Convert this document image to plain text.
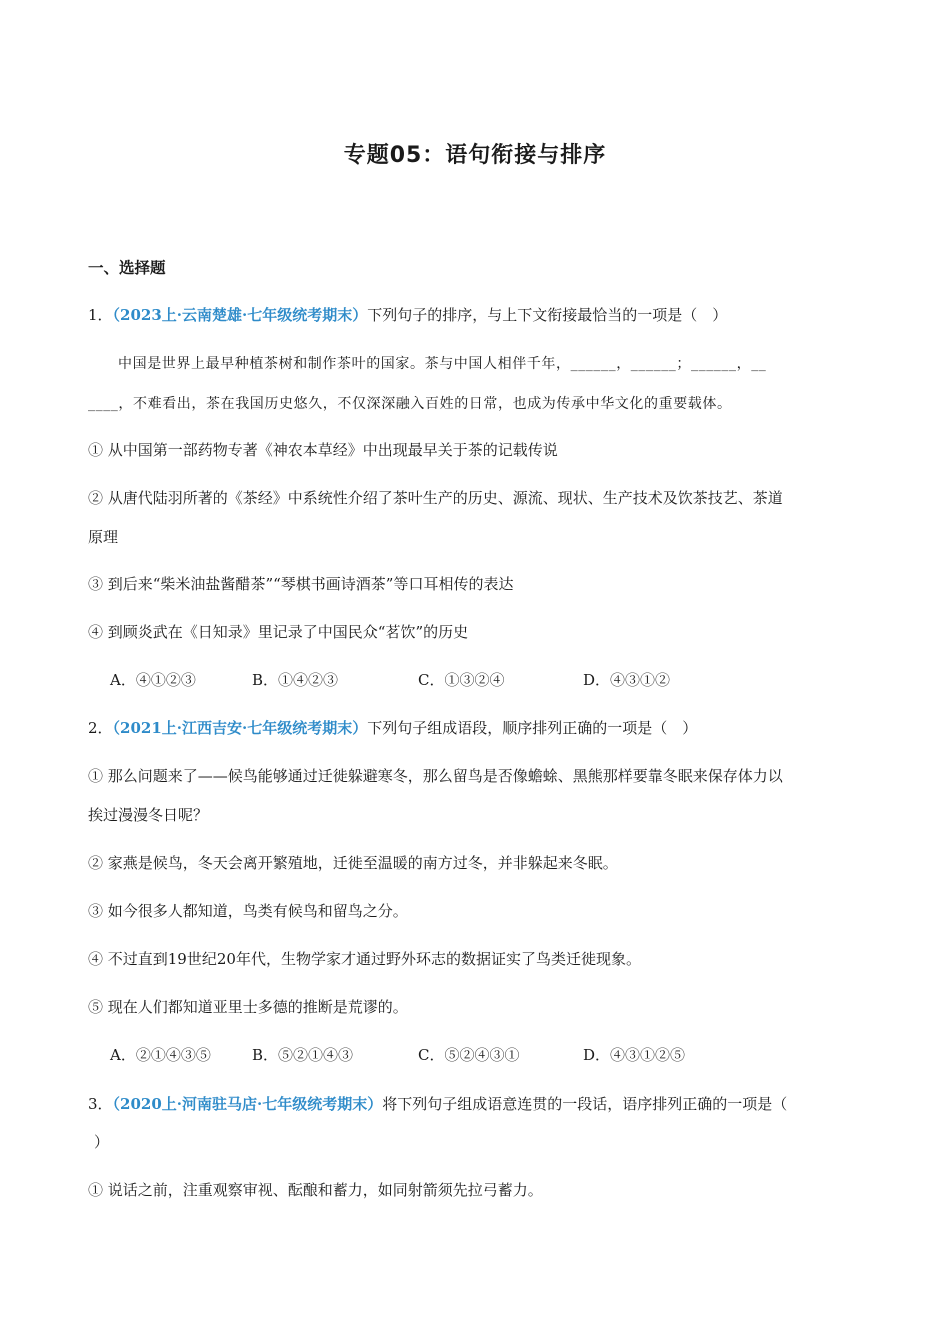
专题05：语句衔接与排序
一、选择题
1．（2023上·云南楚雄·七年级统考期末）下列句子的排序，与上下文衔接最恰当的一项是（　）
中国是世界上最早种植茶树和制作茶叶的国家。茶与中国人相伴千年，______，______；______，__
____，不难看出，茶在我国历史悠久，不仅深深融入百姓的日常，也成为传承中华文化的重要载体。
① 从中国第一部药物专著《神农本草经》中出现最早关于茶的记载传说
② 从唐代陆羽所著的《茶经》中系统性介绍了茶叶生产的历史、源流、现状、生产技术及饮茶技艺、茶道
原理
③ 到后来“柴米油盐酱醋茶”“琴棋书画诗酒茶”等口耳相传的表达
④ 到顾炎武在《日知录》里记录了中国民众“茗饮”的历史
A．④①②③	B．①④②③	C．①③②④	D．④③①②
2．（2021上·江西吉安·七年级统考期末）下列句子组成语段，顺序排列正确的一项是（　）
① 那么问题来了——候鸟能够通过迁徙躲避寒冬，那么留鸟是否像蟾蜍、黑熊那样要靠冬眠来保存体力以
挨过漫漫冬日呢？
② 家燕是候鸟，冬天会离开繁殖地，迁徙至温暖的南方过冬，并非躲起来冬眠。
③ 如今很多人都知道，鸟类有候鸟和留鸟之分。
④ 不过直到19世纪20年代，生物学家才通过野外环志的数据证实了鸟类迁徙现象。
⑤ 现在人们都知道亚里士多德的推断是荒谬的。
A．②①④③⑤	B．⑤②①④③	C．⑤②④③①	D．④③①②⑤
3．（2020上·河南驻马店·七年级统考期末）将下列句子组成语意连贯的一段话，语序排列正确的一项是（
）
① 说话之前，注重观察审视、酝酿和蓄力，如同射箭须先拉弓蓄力。
